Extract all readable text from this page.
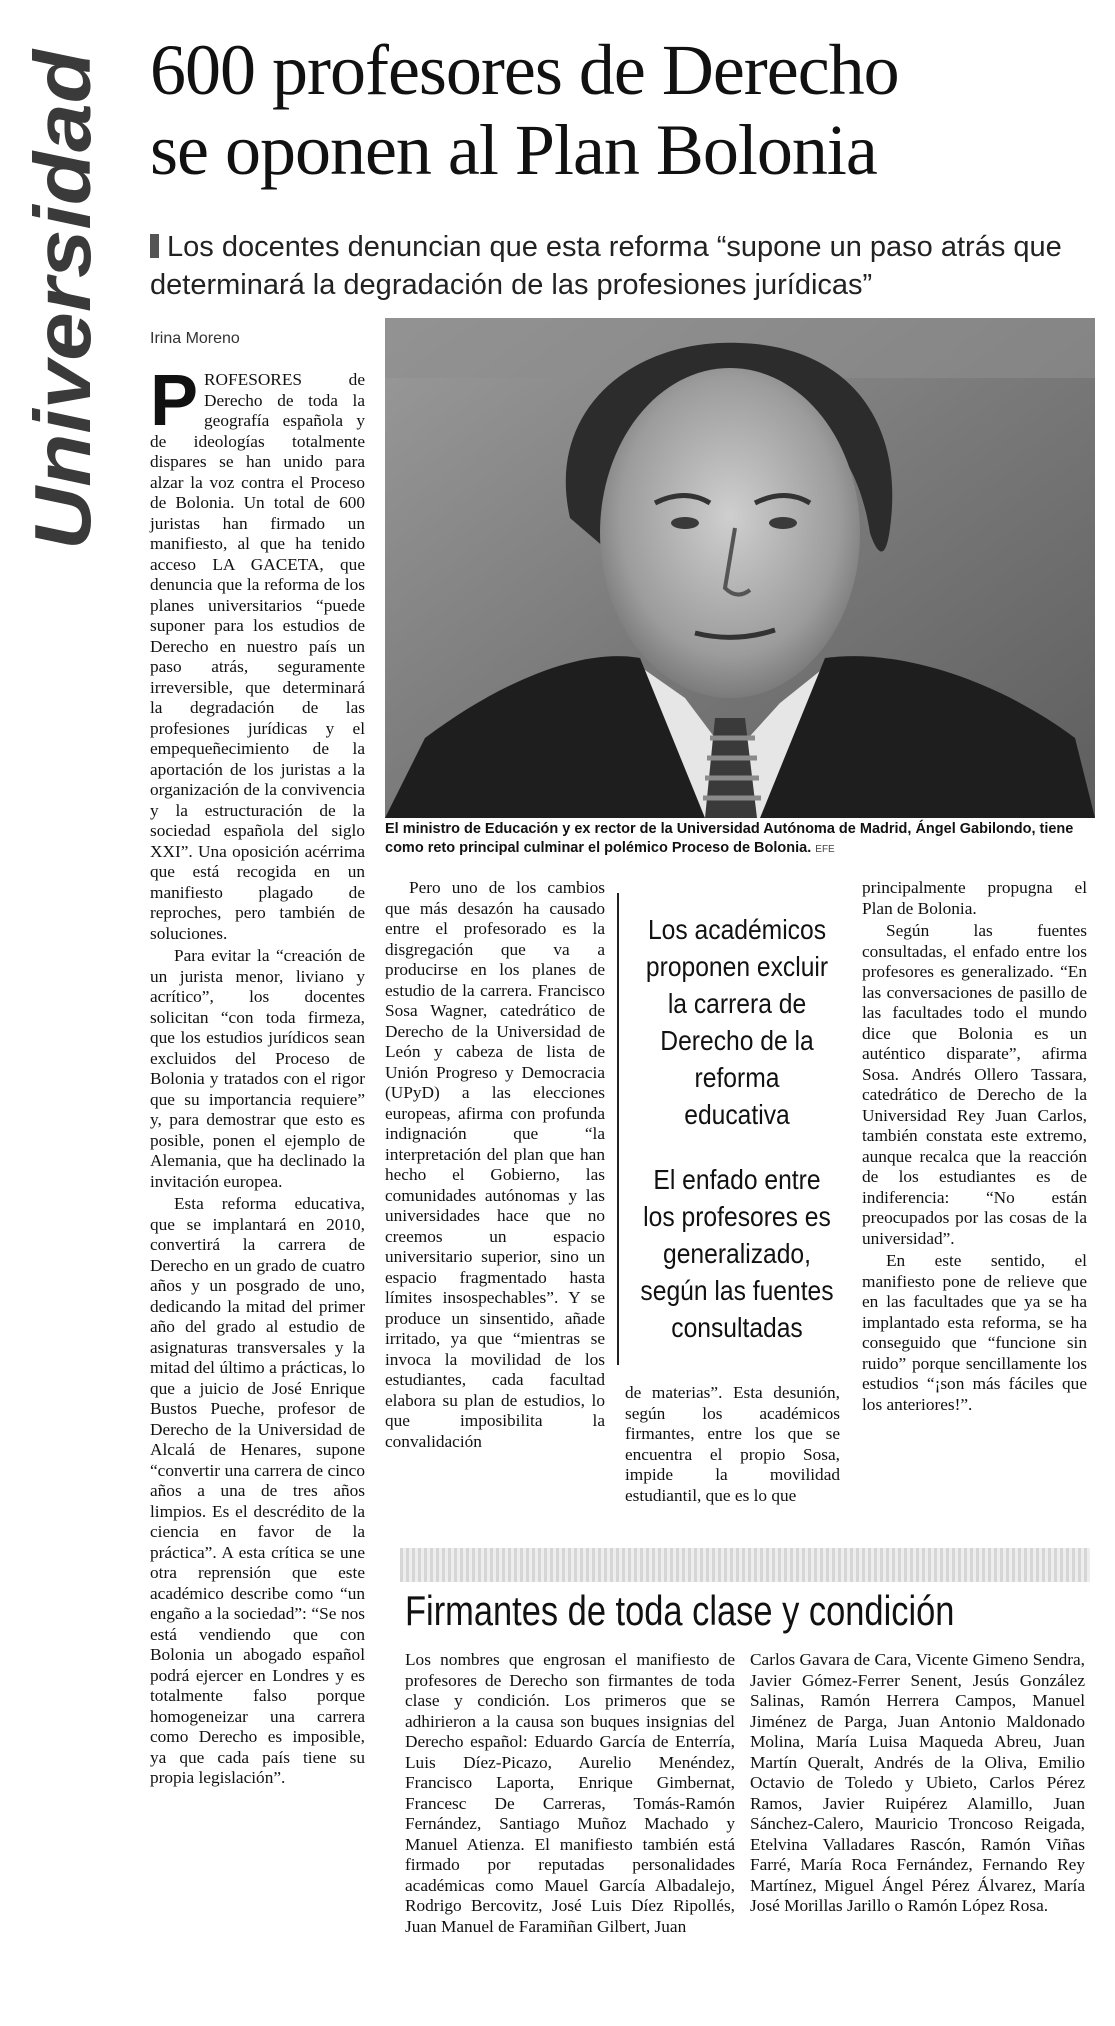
Universidad
600 profesores de Derecho
se oponen al Plan Bolonia

Los docentes denuncian que esta reforma “supone un paso atrás que determinará la degradación de las profesiones jurídicas”

Irina Moreno

PROFESORES de Derecho de toda la geografía española y de ideologías totalmente dispares se han unido para alzar la voz contra el Proceso de Bolonia. Un total de 600 juristas han firmado un manifiesto, al que ha tenido acceso LA GACETA, que denuncia que la reforma de los planes universitarios “puede suponer para los estudios de Derecho en nuestro país un paso atrás, seguramente irreversible, que determinará la degradación de las profesiones jurídicas y el empequeñecimiento de la aportación de los juristas a la organización de la convivencia y la estructuración de la sociedad española del siglo XXI”. Una oposición acérrima que está recogida en un manifiesto plagado de reproches, pero también de soluciones.

Para evitar la “creación de un jurista menor, liviano y acrítico”, los docentes solicitan “con toda firmeza, que los estudios jurídicos sean excluidos del Proceso de Bolonia y tratados con el rigor que su importancia requiere” y, para demostrar que esto es posible, ponen el ejemplo de Alemania, que ha declinado la invitación europea.

Esta reforma educativa, que se implantará en 2010, convertirá la carrera de Derecho en un grado de cuatro años y un posgrado de uno, dedicando la mitad del primer año del grado al estudio de asignaturas transversales y la mitad del último a prácticas, lo que a juicio de José Enrique Bustos Pueche, profesor de Derecho de la Universidad de Alcalá de Henares, supone “convertir una carrera de cinco años a una de tres años limpios. Es el descrédito de la ciencia en favor de la práctica”. A esta crítica se une otra reprensión que este académico describe como “un engaño a la sociedad”: “Se nos está vendiendo que con Bolonia un abogado español podrá ejercer en Londres y es totalmente falso porque homogeneizar una carrera como Derecho es imposible, ya que cada país tiene su propia legislación”.

El ministro de Educación y ex rector de la Universidad Autónoma de Madrid, Ángel Gabilondo, tiene como reto principal culminar el polémico Proceso de Bolonia. EFE

Pero uno de los cambios que más desazón ha causado entre el profesorado es la disgregación que va a producirse en los planes de estudio de la carrera. Francisco Sosa Wagner, catedrático de Derecho de la Universidad de León y cabeza de lista de Unión Progreso y Democracia (UPyD) a las elecciones europeas, afirma con profunda indignación que “la interpretación del plan que han hecho el Gobierno, las comunidades autónomas y las universidades hace que no creemos un espacio universitario superior, sino un espacio fragmentado hasta límites insospechables”. Y se produce un sinsentido, añade irritado, ya que “mientras se invoca la movilidad de los estudiantes, cada facultad elabora su plan de estudios, lo que imposibilita la convalidación

Los académicos proponen excluir la carrera de Derecho de la reforma educativa

El enfado entre los profesores es generalizado, según las fuentes consultadas

de materias”. Esta desunión, según los académicos firmantes, entre los que se encuentra el propio Sosa, impide la movilidad estudiantil, que es lo que

principalmente propugna el Plan de Bolonia.

Según las fuentes consultadas, el enfado entre los profesores es generalizado. “En las conversaciones de pasillo de las facultades todo el mundo dice que Bolonia es un auténtico disparate”, afirma Sosa. Andrés Ollero Tassara, catedrático de Derecho de la Universidad Rey Juan Carlos, también constata este extremo, aunque recalca que la reacción de los estudiantes es de indiferencia: “No están preocupados por las cosas de la universidad”.

En este sentido, el manifiesto pone de relieve que en las facultades que ya se ha implantado esta reforma, se ha conseguido que “funcione sin ruido” porque sencillamente los estudios “¡son más fáciles que los anteriores!”.

Firmantes de toda clase y condición

Los nombres que engrosan el manifiesto de profesores de Derecho son firmantes de toda clase y condición. Los primeros que se adhirieron a la causa son buques insignias del Derecho español: Eduardo García de Enterría, Luis Díez-Picazo, Aurelio Menéndez, Francisco Laporta, Enrique Gimbernat, Francesc De Carreras, Tomás-Ramón Fernández, Santiago Muñoz Machado y Manuel Atienza. El manifiesto también está firmado por reputadas personalidades académicas como Mauel García Albadalejo, Rodrigo Bercovitz, José Luis Díez Ripollés, Juan Manuel de Faramiñan Gilbert, Juan

Carlos Gavara de Cara, Vicente Gimeno Sendra, Javier Gómez-Ferrer Senent, Jesús González Salinas, Ramón Herrera Campos, Manuel Jiménez de Parga, Juan Antonio Maldonado Molina, María Luisa Maqueda Abreu, Juan Martín Queralt, Andrés de la Oliva, Emilio Octavio de Toledo y Ubieto, Carlos Pérez Ramos, Javier Ruipérez Alamillo, Juan Sánchez-Calero, Mauricio Troncoso Reigada, Etelvina Valladares Rascón, Ramón Viñas Farré, María Roca Fernández, Fernando Rey Martínez, Miguel Ángel Pérez Álvarez, María José Morillas Jarillo o Ramón López Rosa.
